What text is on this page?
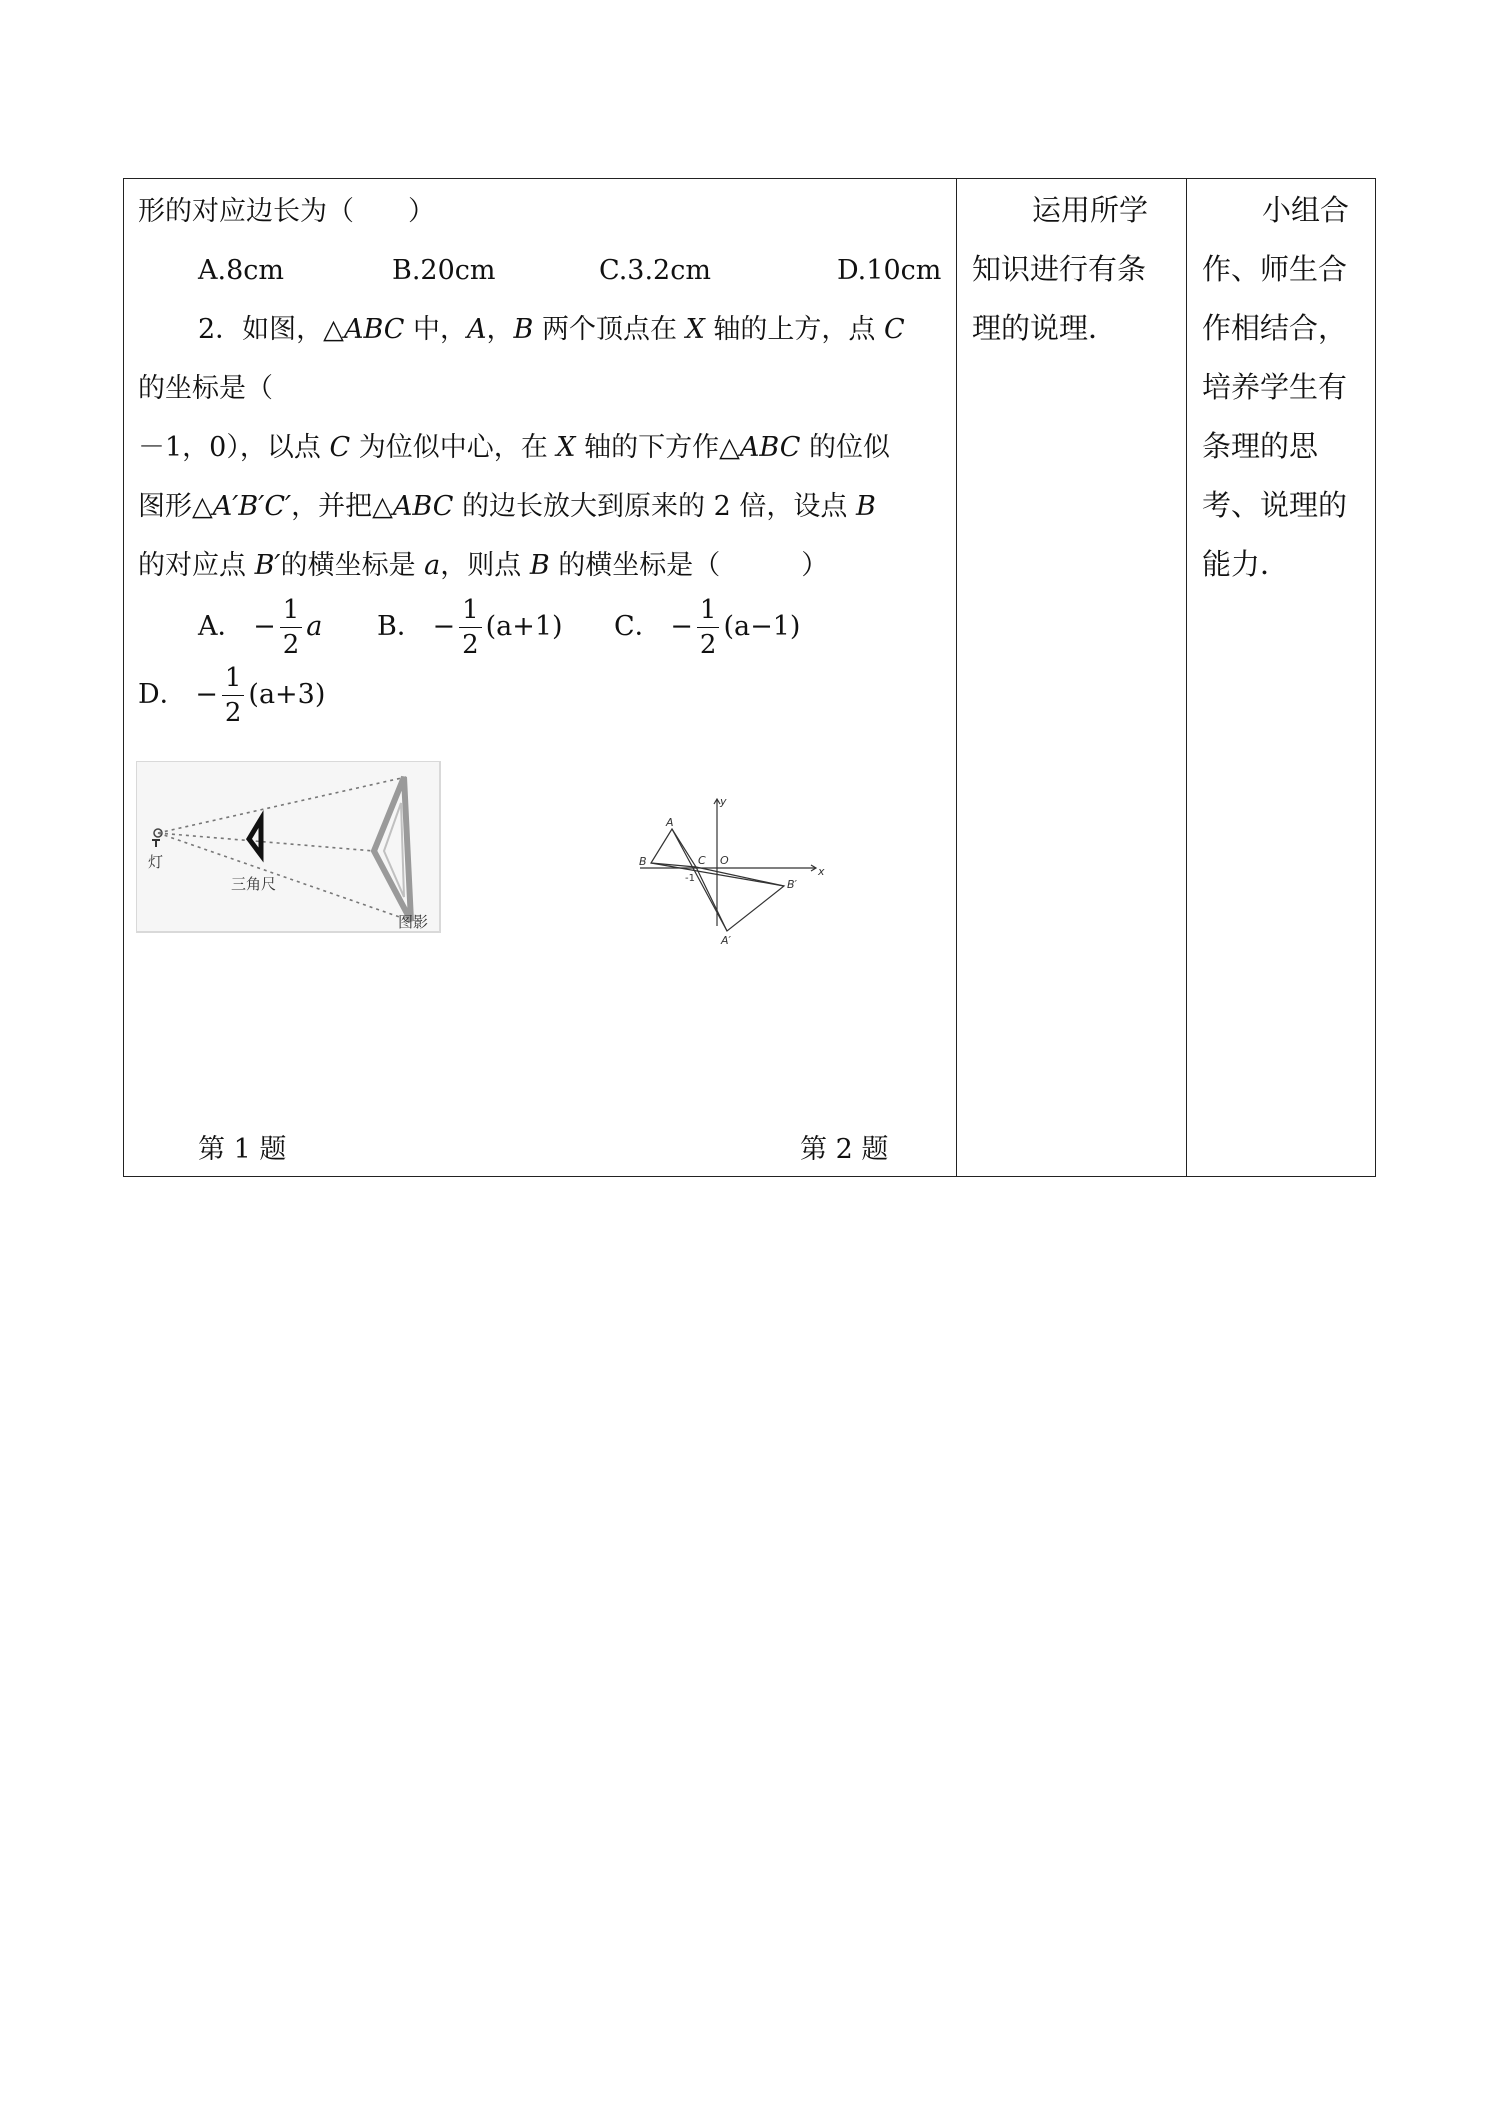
形的对应边长为（　　）
A.8cm	B.20cm	C.3.2cm	D.10cm
2．如图，△ABC 中，A，B 两个顶点在 X 轴的上方，点 C
的坐标是（
－1，0），以点 C 为位似中心，在 X 轴的下方作△ABC 的位似
图形△A′B′C′，并把△ABC 的边长放大到原来的 2 倍，设点 B
的对应点 B′的横坐标是 a，则点 B 的横坐标是（　　　）
A． − $\frac{1}{2}$ a B． − $\frac{1}{2} (a+1)$ C． − $\frac{1}{2} (a-1)$
D． − $\frac{1}{2} (a+3)$
灯
三角尺
图影
y
x
A
B	C O
-1	B′
A′
第 1 题	第 2 题
运用所学
知识进行有条
理的说理．
小组合
作、师生合
作相结合，
培养学生有
条理的思
考、说理的
能力．
